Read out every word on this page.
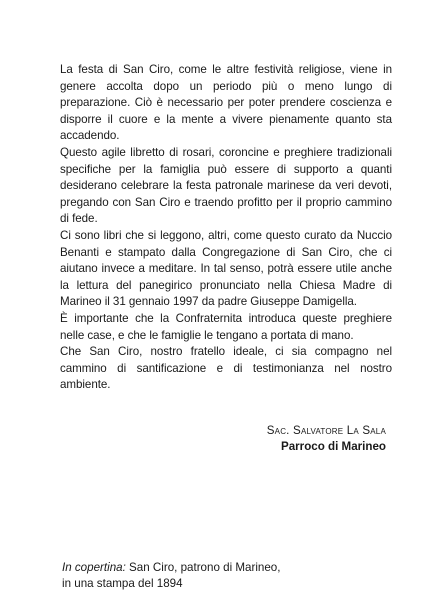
La festa di San Ciro, come le altre festività religiose, viene in genere accolta dopo un periodo più o meno lungo di preparazione. Ciò è necessario per poter prendere coscienza e disporre il cuore e la mente a vivere pienamente quanto sta accadendo.

Questo agile libretto di rosari, coroncine e preghiere tradizionali specifiche per la famiglia può essere di supporto a quanti desiderano celebrare la festa patronale marinese da veri devoti, pregando con San Ciro e traendo profitto per il proprio cammino di fede.

Ci sono libri che si leggono, altri, come questo curato da Nuccio Benanti e stampato dalla Congregazione di San Ciro, che ci aiutano invece a meditare. In tal senso, potrà essere utile anche la lettura del panegirico pronunciato nella Chiesa Madre di Marineo il 31 gennaio 1997 da padre Giuseppe Damigella.

È importante che la Confraternita introduca queste preghiere nelle case, e che le famiglie le tengano a portata di mano.

Che San Ciro, nostro fratello ideale, ci sia compagno nel cammino di santificazione e di testimonianza nel nostro ambiente.

Sac. Salvatore La Sala
Parroco di Marineo
In copertina: San Ciro, patrono di Marineo,
in una stampa del 1894
